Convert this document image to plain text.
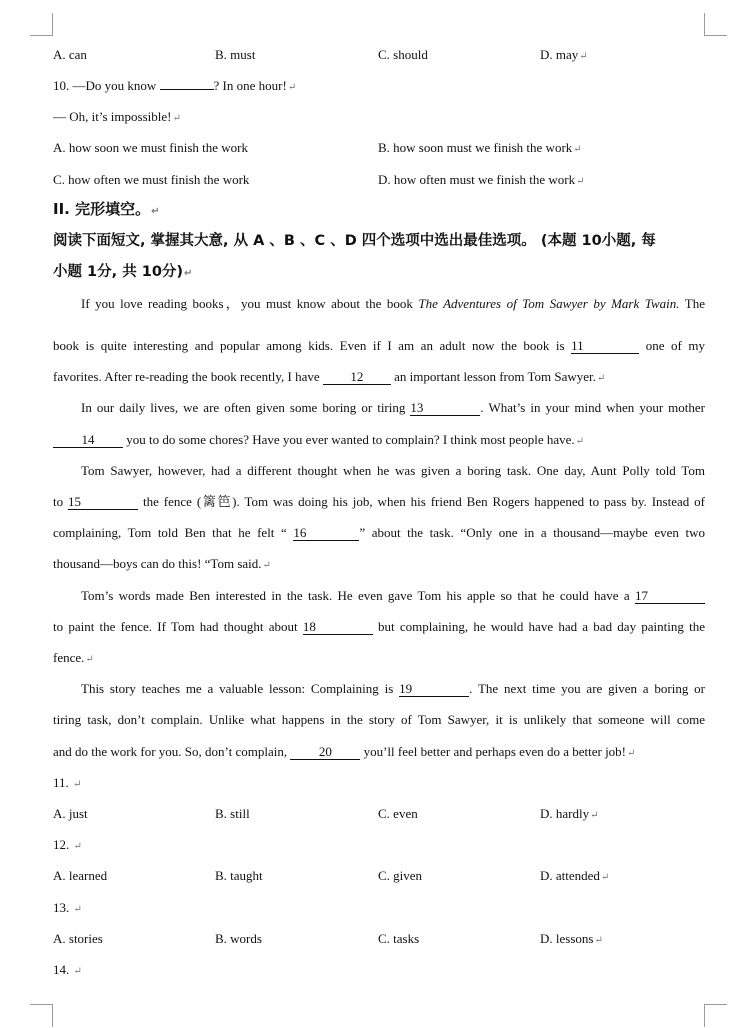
A. can	B. must	C. should	D. may↵
10. —Do you know	? In one hour!↵
— Oh, it’s impossible!↵
A. how soon we must finish the work	B. how soon must we finish the work↵
C. how often we must finish the work	D. how often must we finish the work↵
II. 完形填空。↵
阅读下面短文, 掌握其大意, 从 A 、B 、C 、D 四个选项中选出最佳选项。 (本题 10小题, 每
小题 1分, 共 10分)↵
If you love reading books，you must know about the book The Adventures of Tom Sawyer by Mark Twain. The
book is quite interesting and popular among kids. Even if I am an adult now the book is 11	one of my
favorites. After re-reading the book recently, I have 12 an important lesson from Tom Sawyer.↵
In our daily lives, we are often given some boring or tiring 13	. What’s in your mind when your mother
14 you to do some chores? Have you ever wanted to complain? I think most people have.↵
Tom Sawyer, however, had a different thought when he was given a boring task. One day, Aunt Polly told Tom
to 15	the fence (篱笆). Tom was doing his job, when his friend Ben Rogers happened to pass by. Instead of
complaining, Tom told Ben that he felt “ 16	” about the task. “Only one in a thousand—maybe even two
thousand—boys can do this! “Tom said.↵
Tom’s words made Ben interested in the task. He even gave Tom his apple so that he could have a 17
to paint the fence. If Tom had thought about 18	but complaining, he would have had a bad day painting the
fence.↵
This story teaches me a valuable lesson: Complaining is 19	. The next time you are given a boring or
tiring task, don’t complain. Unlike what happens in the story of Tom Sawyer, it is unlikely that someone will come
and do the work for you. So, don’t complain, 20 you’ll feel better and perhaps even do a better job!↵
11. ↵
A. just	B. still	C. even	D. hardly↵
12. ↵
A. learned	B. taught	C. given	D. attended↵
13. ↵
A. stories	B. words	C. tasks	D. lessons↵
14. ↵
